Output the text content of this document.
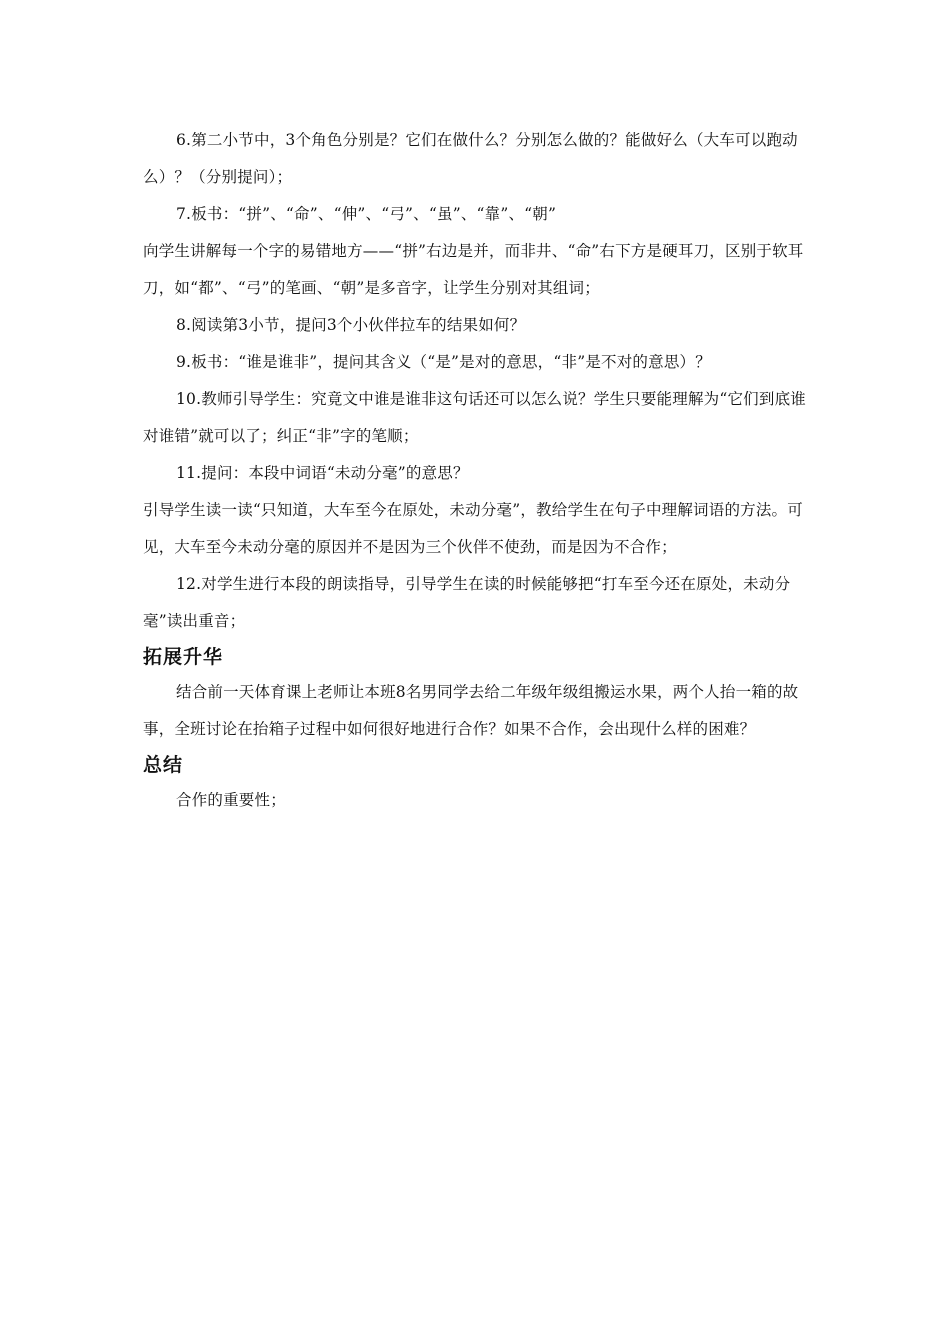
6.第二小节中，3个角色分别是？它们在做什么？分别怎么做的？能做好么（大车可以跑动么）？（分别提问）；

7.板书：“拼”、“命”、“伸”、“弓”、“虽”、“靠”、“朝”

向学生讲解每一个字的易错地方——“拼”右边是并，而非井、“命”右下方是硬耳刀，区别于软耳刀，如“都”、“弓”的笔画、“朝”是多音字，让学生分别对其组词；

8.阅读第3小节，提问3个小伙伴拉车的结果如何？

9.板书：“谁是谁非”，提问其含义（“是”是对的意思，“非”是不对的意思）？

10.教师引导学生：究竟文中谁是谁非这句话还可以怎么说？学生只要能理解为“它们到底谁对谁错”就可以了；纠正“非”字的笔顺；

11.提问：本段中词语“未动分毫”的意思？

引导学生读一读“只知道，大车至今在原处，未动分毫”，教给学生在句子中理解词语的方法。可见，大车至今未动分毫的原因并不是因为三个伙伴不使劲，而是因为不合作；

12.对学生进行本段的朗读指导，引导学生在读的时候能够把“打车至今还在原处，未动分毫”读出重音；

拓展升华

结合前一天体育课上老师让本班8名男同学去给二年级年级组搬运水果，两个人抬一箱的故事，全班讨论在抬箱子过程中如何很好地进行合作？如果不合作，会出现什么样的困难？

总结

合作的重要性；
